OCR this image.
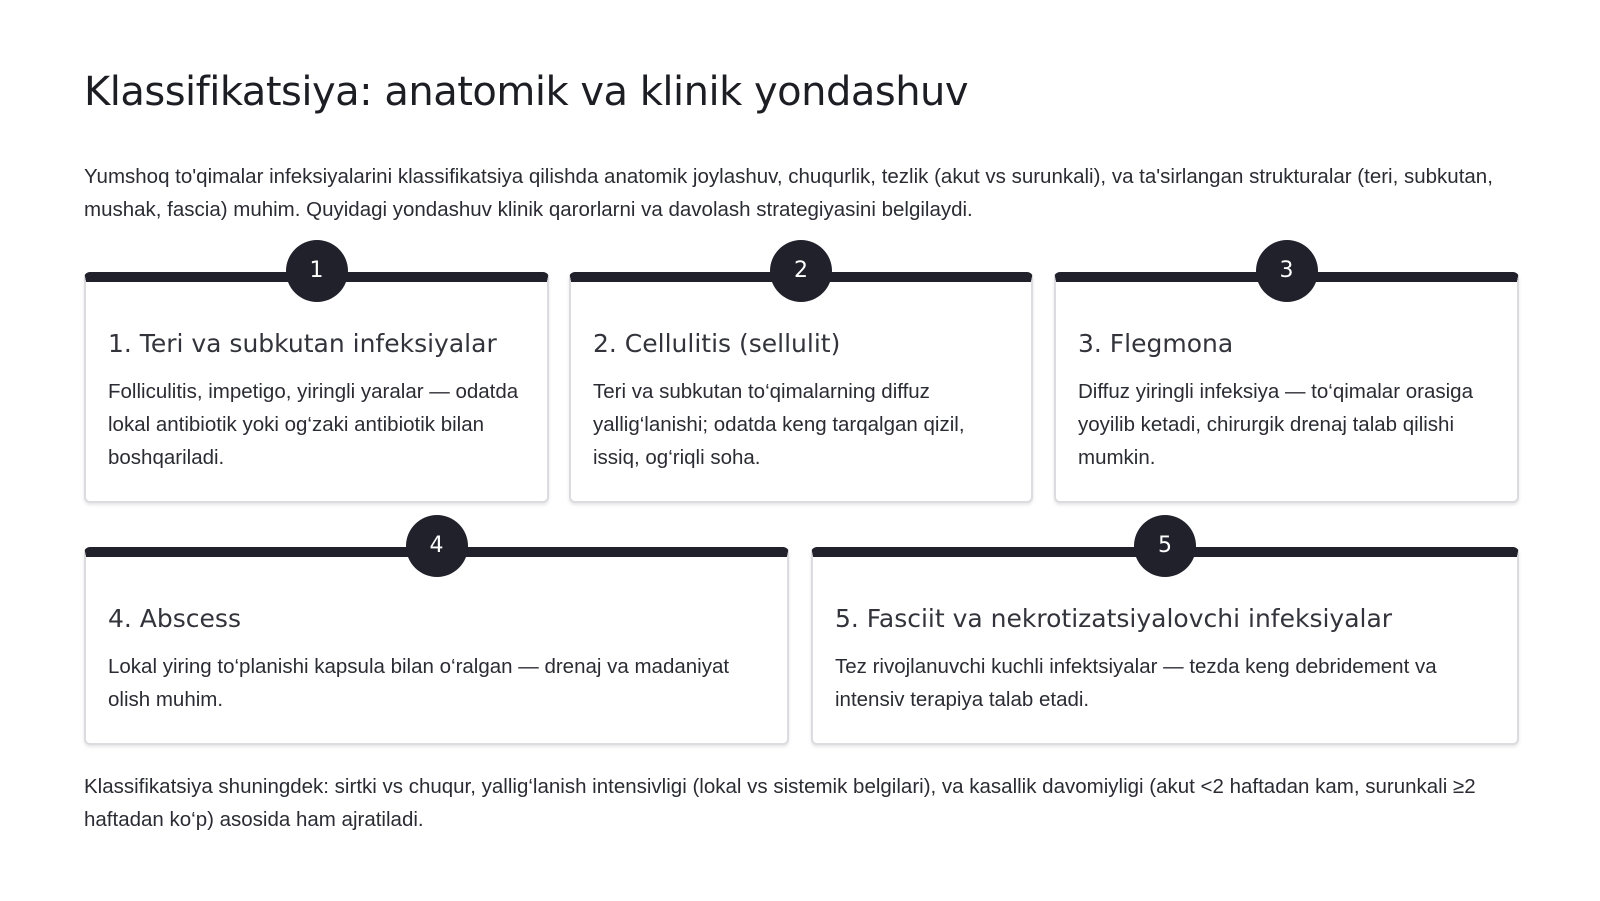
Klassifikatsiya: anatomik va klinik yondashuv

Yumshoq to'qimalar infeksiyalarini klassifikatsiya qilishda anatomik joylashuv, chuqurlik, tezlik (akut vs surunkali), va ta'sirlangan strukturalar (teri, subkutan, mushak, fascia) muhim. Quyidagi yondashuv klinik qarorlarni va davolash strategiyasini belgilaydi.

1
1. Teri va subkutan infeksiyalar

Folliculitis, impetigo, yiringli yaralar — odatda lokal antibiotik yoki og‘zaki antibiotik bilan boshqariladi.

2
2. Cellulitis (sellulit)

Teri va subkutan to‘qimalarning diffuz yallig‘lanishi; odatda keng tarqalgan qizil, issiq, og‘riqli soha.

3
3. Flegmona

Diffuz yiringli infeksiya — to‘qimalar orasiga yoyilib ketadi, chirurgik drenaj talab qilishi mumkin.

4
4. Abscess

Lokal yiring to‘planishi kapsula bilan o‘ralgan — drenaj va madaniyat olish muhim.

5
5. Fasciit va nekrotizatsiyalovchi infeksiyalar

Tez rivojlanuvchi kuchli infektsiyalar — tezda keng debridement va intensiv terapiya talab etadi.

Klassifikatsiya shuningdek: sirtki vs chuqur, yallig‘lanish intensivligi (lokal vs sistemik belgilari), va kasallik davomiyligi (akut <2 haftadan kam, surunkali ≥2 haftadan ko‘p) asosida ham ajratiladi.
